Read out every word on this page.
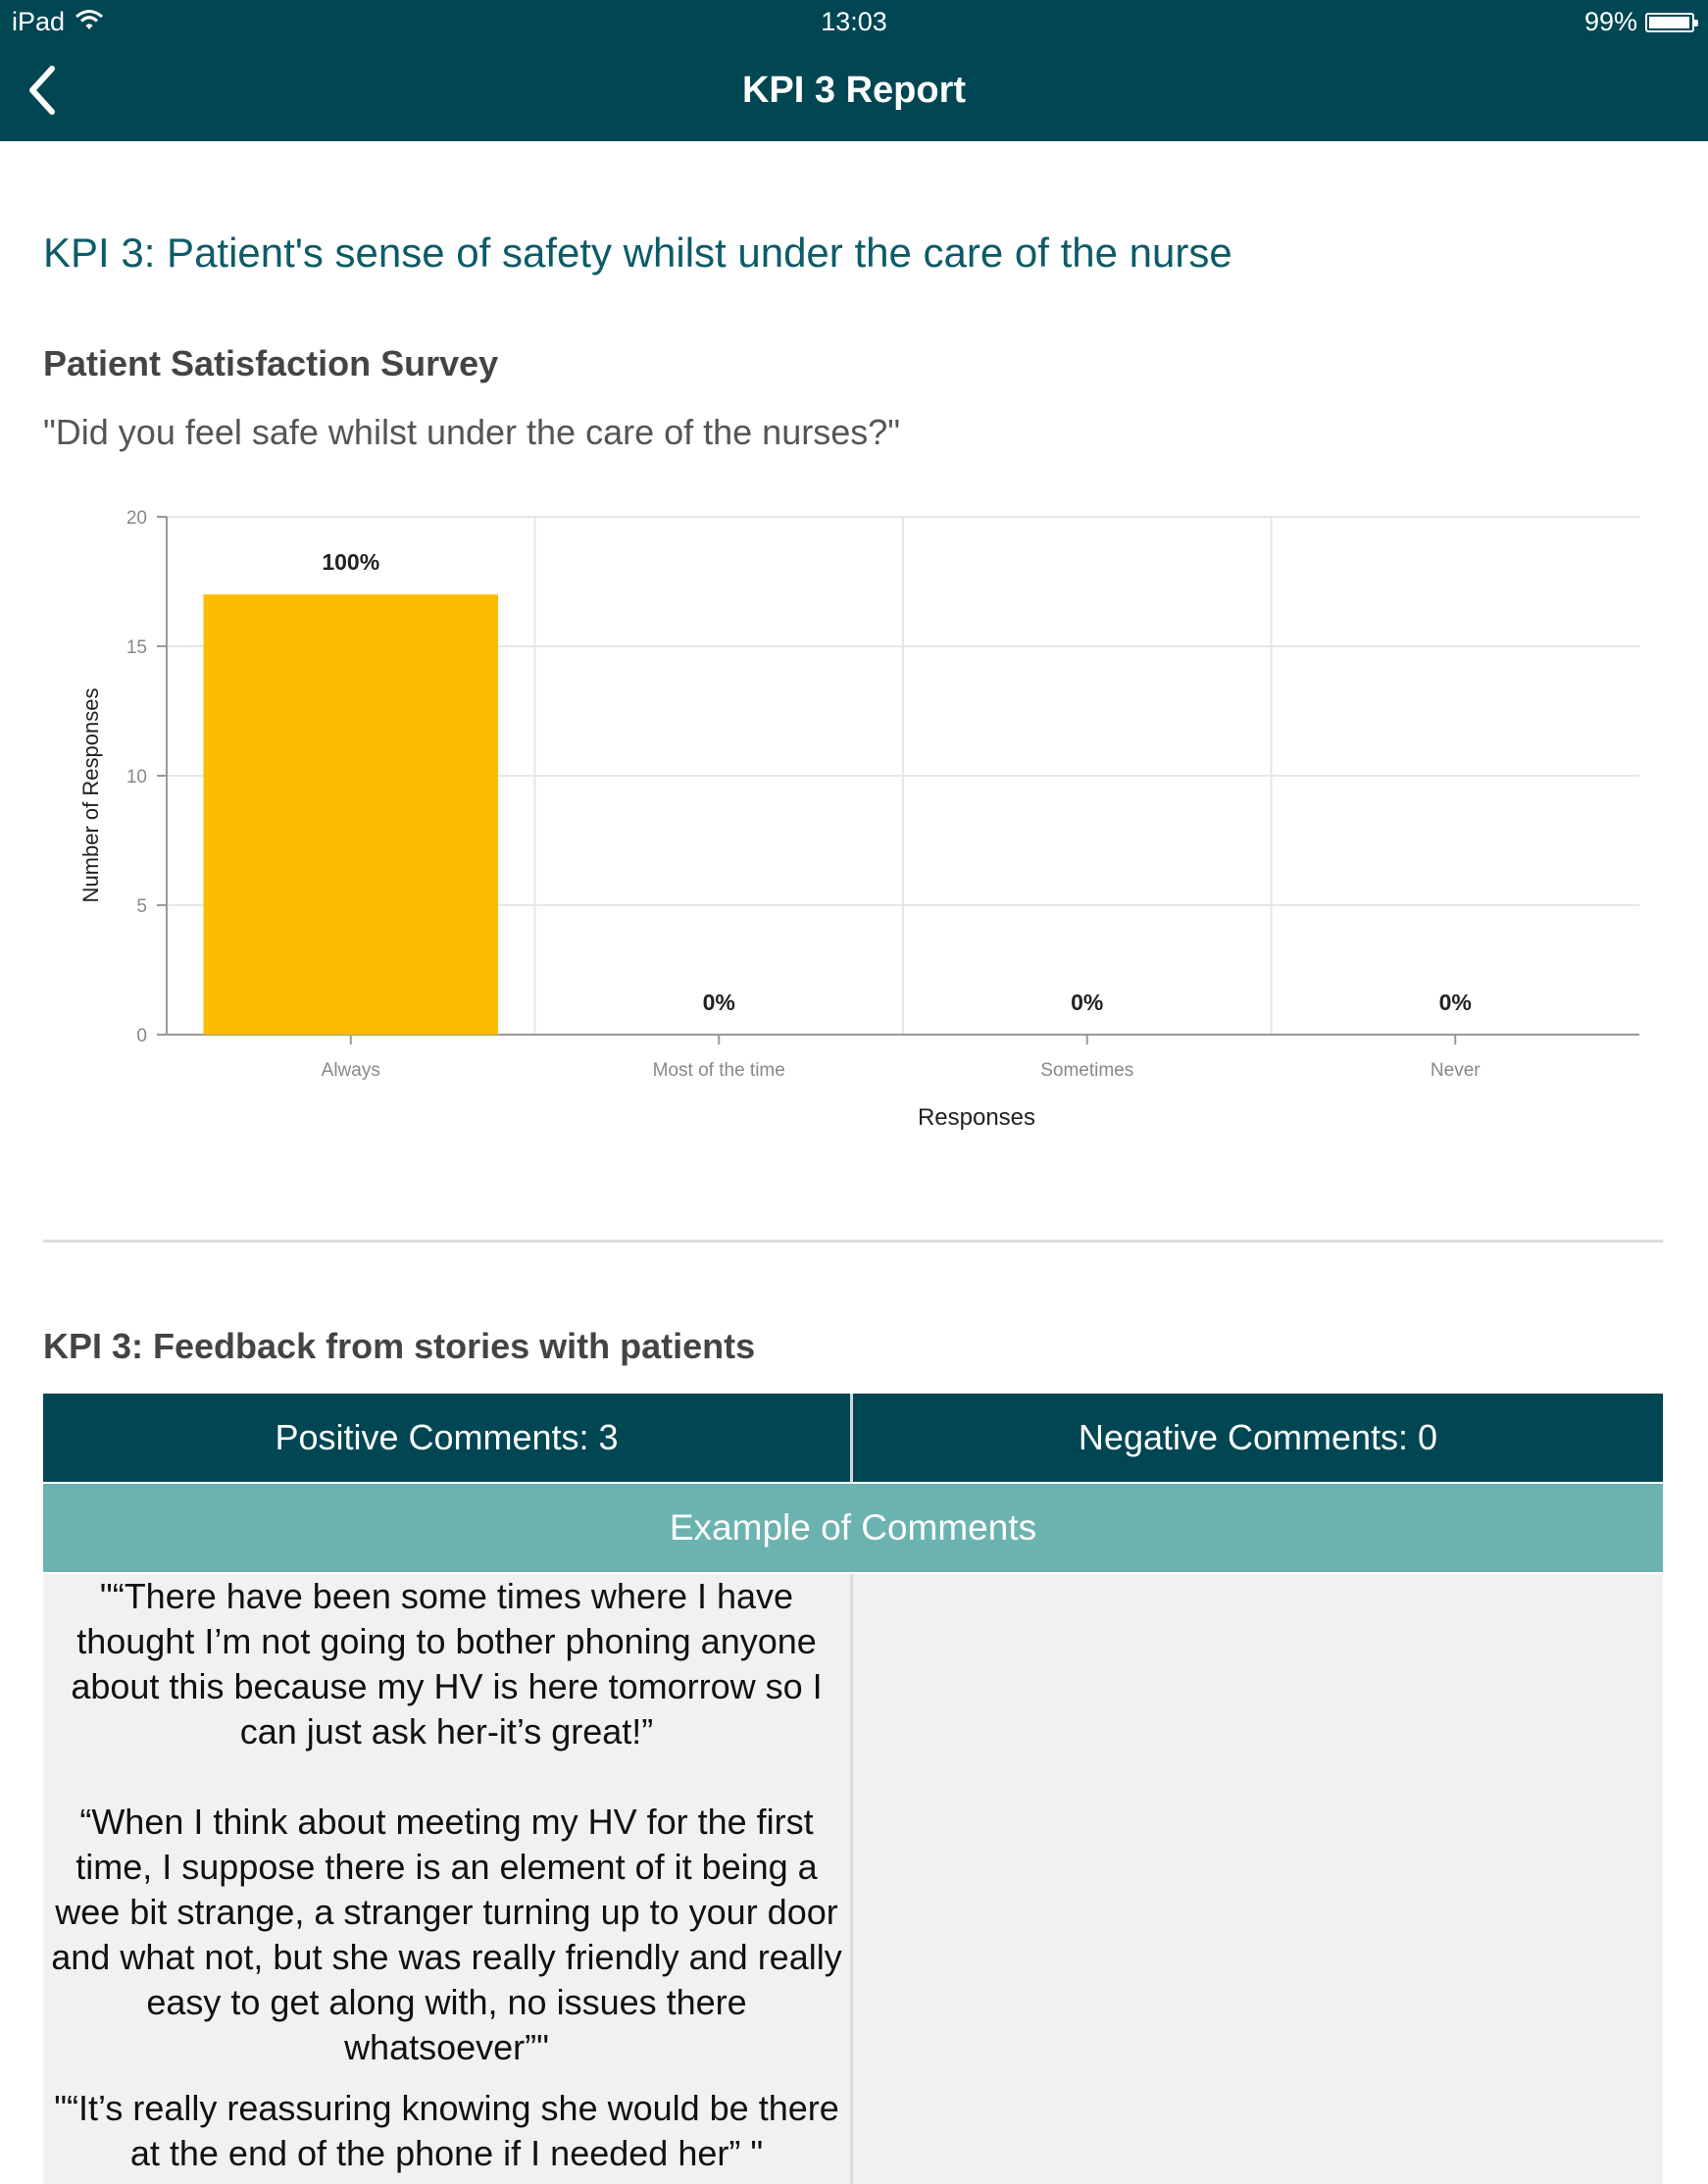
iPad	13:03	99%
KPI 3 Report
KPI 3: Patient's sense of safety whilst under the care of the nurse
Patient Satisfaction Survey

"Did you feel safe whilst under the care of the nurses?"

0
5
10
15
20
100%
Always
0%
Most of the time
0%
Sometimes
0%
Never
Responses
Number of Responses
KPI 3: Feedback from stories with patients
Positive Comments: 3	Negative Comments: 0
Example of Comments

"“There have been some times where I have thought I’m not going to bother phoning anyone about this because my HV is here tomorrow so I can just ask her-it’s great!”

“When I think about meeting my HV for the first time, I suppose there is an element of it being a wee bit strange, a stranger turning up to your door and what not, but she was really friendly and really easy to get along with, no issues there whatsoever”"

"“It’s really reassuring knowing she would be there at the end of the phone if I needed her” "
